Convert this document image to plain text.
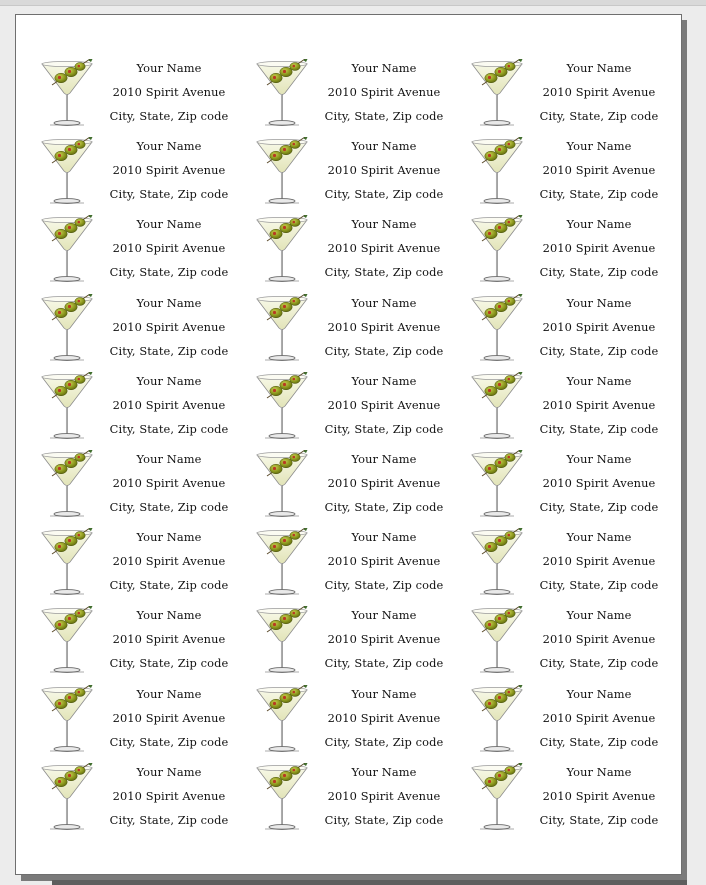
Your Name
2010 Spirit Avenue
City, State, Zip code
Your Name
2010 Spirit Avenue
City, State, Zip code
Your Name
2010 Spirit Avenue
City, State, Zip code
Your Name
2010 Spirit Avenue
City, State, Zip code
Your Name
2010 Spirit Avenue
City, State, Zip code
Your Name
2010 Spirit Avenue
City, State, Zip code
Your Name
2010 Spirit Avenue
City, State, Zip code
Your Name
2010 Spirit Avenue
City, State, Zip code
Your Name
2010 Spirit Avenue
City, State, Zip code
Your Name
2010 Spirit Avenue
City, State, Zip code
Your Name
2010 Spirit Avenue
City, State, Zip code
Your Name
2010 Spirit Avenue
City, State, Zip code
Your Name
2010 Spirit Avenue
City, State, Zip code
Your Name
2010 Spirit Avenue
City, State, Zip code
Your Name
2010 Spirit Avenue
City, State, Zip code
Your Name
2010 Spirit Avenue
City, State, Zip code
Your Name
2010 Spirit Avenue
City, State, Zip code
Your Name
2010 Spirit Avenue
City, State, Zip code
Your Name
2010 Spirit Avenue
City, State, Zip code
Your Name
2010 Spirit Avenue
City, State, Zip code
Your Name
2010 Spirit Avenue
City, State, Zip code
Your Name
2010 Spirit Avenue
City, State, Zip code
Your Name
2010 Spirit Avenue
City, State, Zip code
Your Name
2010 Spirit Avenue
City, State, Zip code
Your Name
2010 Spirit Avenue
City, State, Zip code
Your Name
2010 Spirit Avenue
City, State, Zip code
Your Name
2010 Spirit Avenue
City, State, Zip code
Your Name
2010 Spirit Avenue
City, State, Zip code
Your Name
2010 Spirit Avenue
City, State, Zip code
Your Name
2010 Spirit Avenue
City, State, Zip code
